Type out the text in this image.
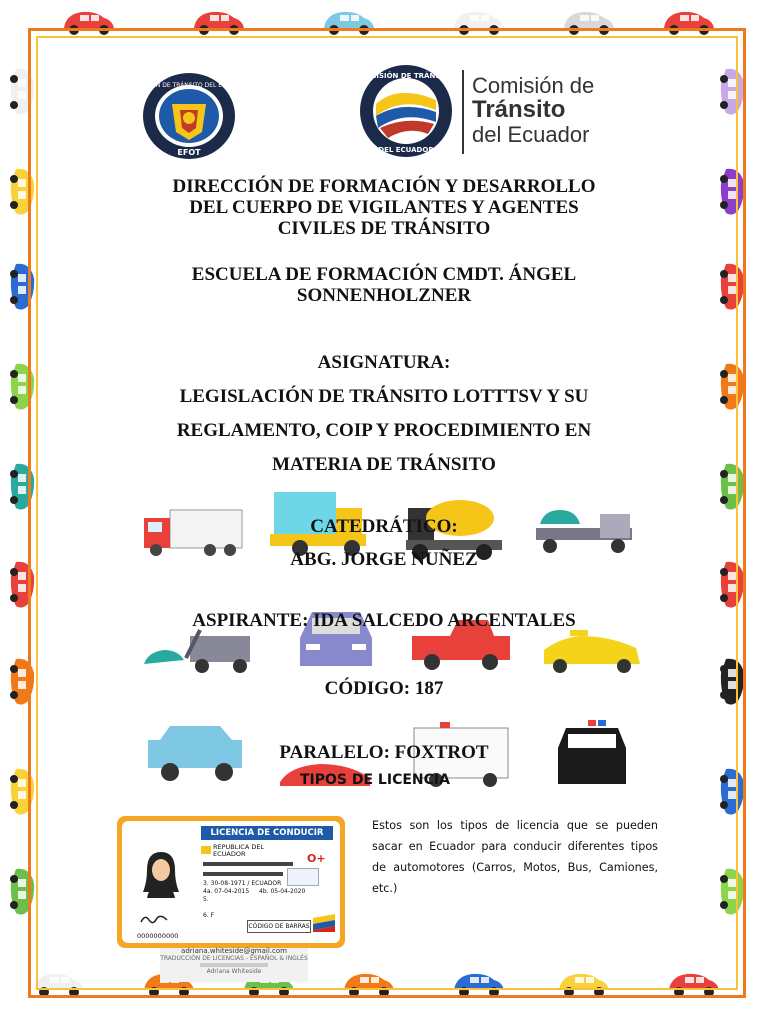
COMISIÓN DE TRÁNSITO DEL ECUADOR
EFOT
COMISIÓN DE TRÁNSITO
DEL ECUADOR
Comisión de
Tránsito
del Ecuador
DIRECCIÓN DE FORMACIÓN Y DESARROLLO
DEL CUERPO DE VIGILANTES Y AGENTES
CIVILES DE TRÁNSITO
ESCUELA DE FORMACIÓN CMDT. ÁNGEL
SONNENHOLZNER
ASIGNATURA:
LEGISLACIÓN DE TRÁNSITO LOTTTSV Y SU
REGLAMENTO, COIP Y PROCEDIMIENTO EN
MATERIA DE TRÁNSITO
CATEDRÁTICO:
ABG. JORGE NUÑEZ
ASPIRANTE: IDA SALCEDO ARCENTALES
CÓDIGO: 187
PARALELO: FOXTROT
TIPOS DE LICENCIA
LICENCIA DE CONDUCIR
REPUBLICA DEL
ECUADOR	O+
3. 30-08-1971 / ECUADOR
4a. 07-04-2015 4b. 05-04-2020
5.
6. F
0000000000
CÓDIGO DE BARRAS
adriana.whiteside@gmail.com
TRADUCCIÓN DE LICENCIAS - ESPAÑOL & INGLÉS
Adriana Whiteside
Estos son los tipos de licencia que se pueden sacar en Ecuador para conducir diferentes tipos de automotores (Carros, Motos, Bus, Camiones, etc.)
